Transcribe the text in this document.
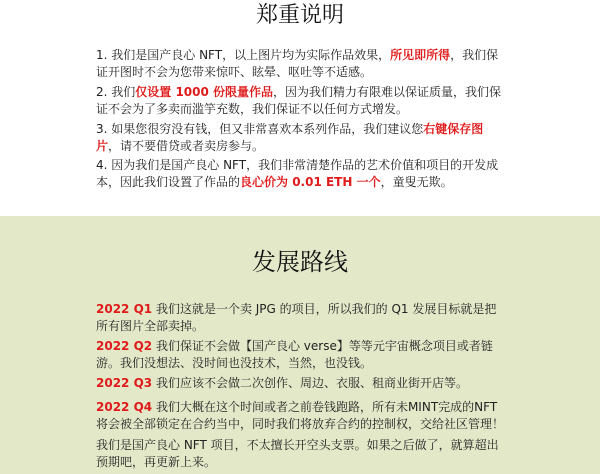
郑重说明

1. 我们是国产良心 NFT，以上图片均为实际作品效果，所见即所得，我们保证开图时不会为您带来惊吓、眩晕、呕吐等不适感。

2. 我们仅设置 1000 份限量作品，因为我们精力有限难以保证质量，我们保证不会为了多卖而滥竽充数，我们保证不以任何方式增发。

3. 如果您很穷没有钱，但又非常喜欢本系列作品，我们建议您右键保存图片，请不要借贷或者卖房参与。

4. 因为我们是国产良心 NFT，我们非常清楚作品的艺术价值和项目的开发成本，因此我们设置了作品的良心价为 0.01 ETH 一个，童叟无欺。

发展路线

2022 Q1 我们这就是一个卖 JPG 的项目，所以我们的 Q1 发展目标就是把所有图片全部卖掉。

2022 Q2 我们保证不会做【国产良心 verse】等等元宇宙概念项目或者链游。我们没想法、没时间也没技术，当然，也没钱。

2022 Q3 我们应该不会做二次创作、周边、衣服、租商业街开店等。

2022 Q4 我们大概在这个时间或者之前卷钱跑路，所有未MINT完成的NFT将会被全部锁定在合约当中，同时我们将放弃合约的控制权，交给社区管理！

我们是国产良心 NFT 项目，不太擅长开空头支票。如果之后做了，就算超出预期吧，再更新上来。
